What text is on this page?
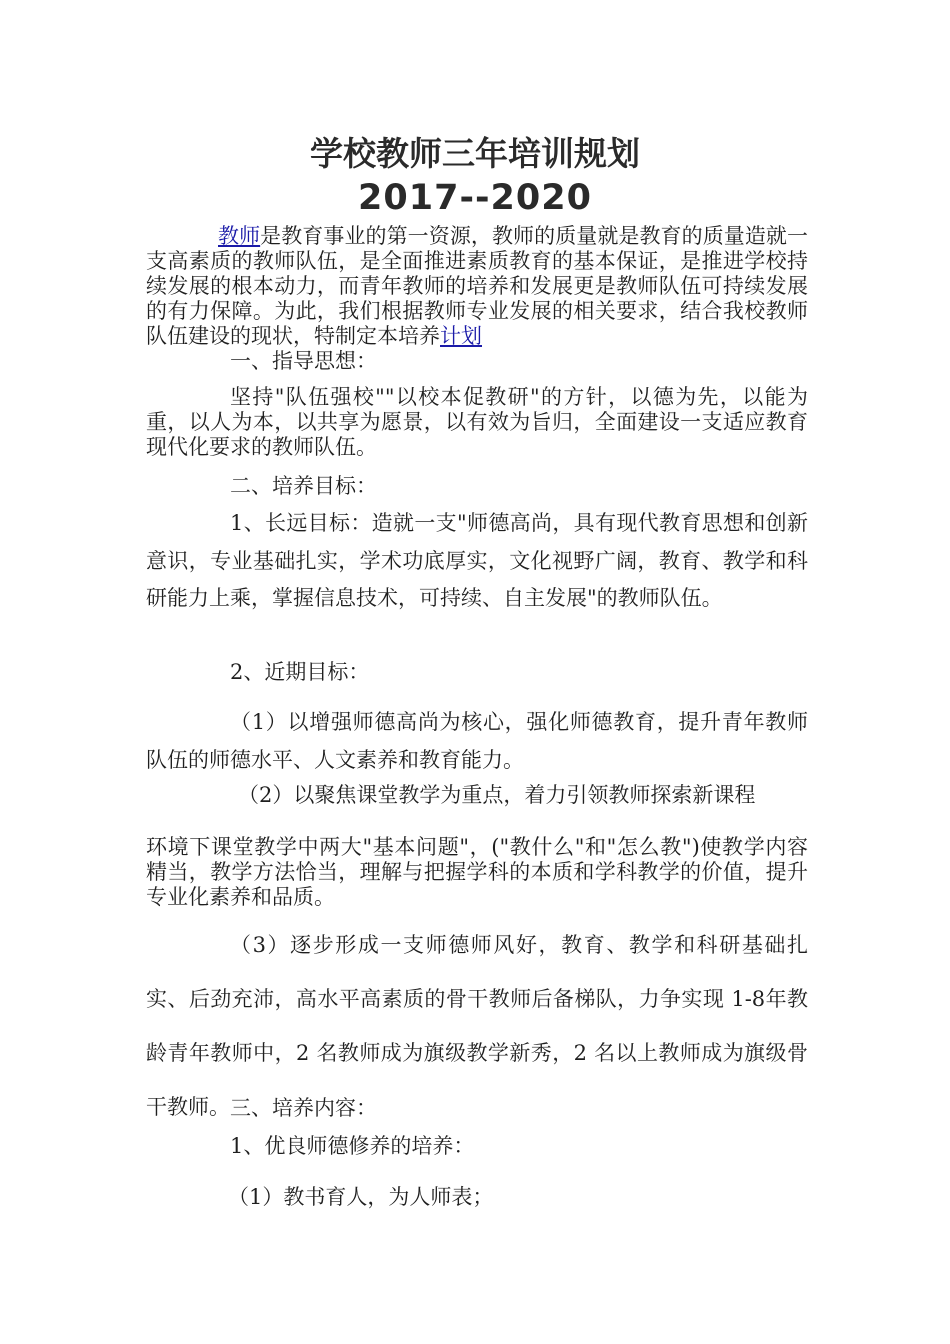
学校教师三年培训规划
2017--2020

教师是教育事业的第一资源，教师的质量就是教育的质量造就一支高素质的教师队伍，是全面推进素质教育的基本保证，是推进学校持续发展的根本动力，而青年教师的培养和发展更是教师队伍可持续发展的有力保障。为此，我们根据教师专业发展的相关要求，结合我校教师队伍建设的现状，特制定本培养计划

一、指导思想：

坚持"队伍强校""以校本促教研"的方针，以德为先，以能为重，以人为本，以共享为愿景，以有效为旨归，全面建设一支适应教育现代化要求的教师队伍。

二、培养目标：

1、长远目标：造就一支"师德高尚，具有现代教育思想和创新意识，专业基础扎实，学术功底厚实，文化视野广阔，教育、教学和科研能力上乘，掌握信息技术，可持续、自主发展"的教师队伍。

2、近期目标：

（1）以增强师德高尚为核心，强化师德教育，提升青年教师队伍的师德水平、人文素养和教育能力。

（2）以聚焦课堂教学为重点，着力引领教师探索新课程

环境下课堂教学中两大"基本问题"，("教什么"和"怎么教")使教学内容精当，教学方法恰当，理解与把握学科的本质和学科教学的价值，提升专业化素养和品质。

（3）逐步形成一支师德师风好，教育、教学和科研基础扎实、后劲充沛，高水平高素质的骨干教师后备梯队，力争实现 1-8年教龄青年教师中，2 名教师成为旗级教学新秀，2 名以上教师成为旗级骨干教师。 三、培养内容：
1、优良师德修养的培养：
（1）教书育人，为人师表；
